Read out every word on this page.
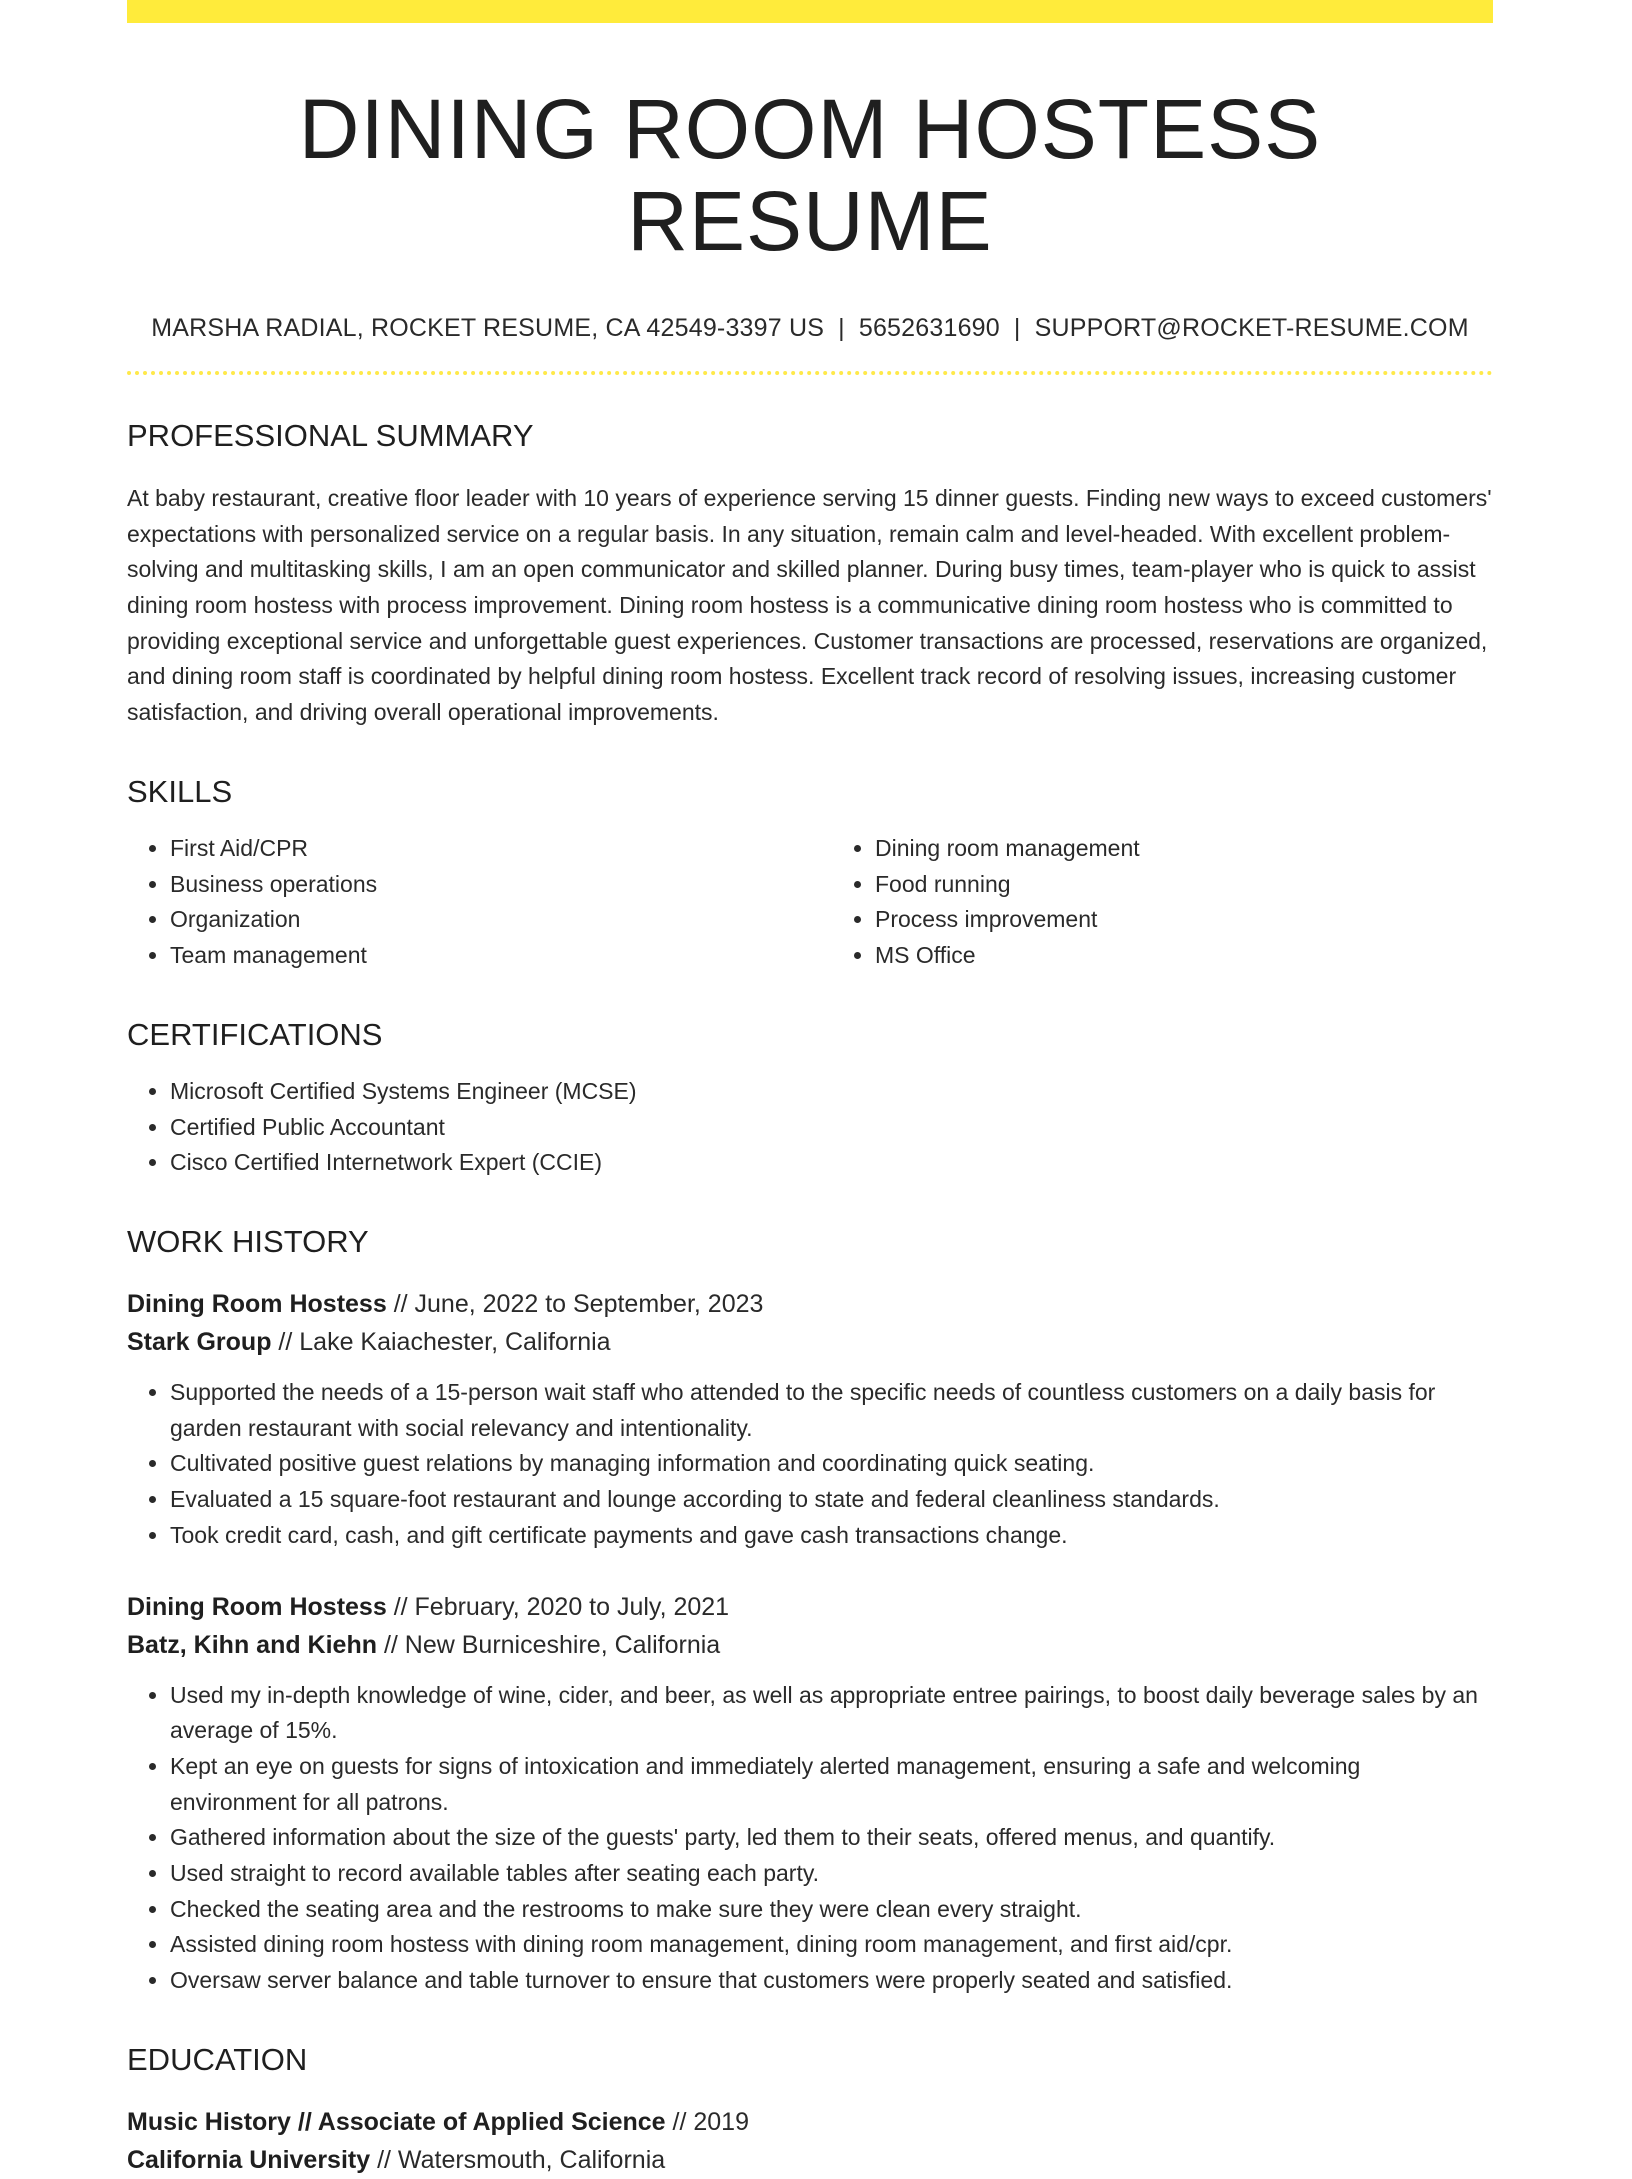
DINING ROOM HOSTESS RESUME
MARSHA RADIAL, ROCKET RESUME, CA 42549-3397 US | 5652631690 | SUPPORT@ROCKET-RESUME.COM
PROFESSIONAL SUMMARY
At baby restaurant, creative floor leader with 10 years of experience serving 15 dinner guests. Finding new ways to exceed customers' expectations with personalized service on a regular basis. In any situation, remain calm and level-headed. With excellent problem-solving and multitasking skills, I am an open communicator and skilled planner. During busy times, team-player who is quick to assist dining room hostess with process improvement. Dining room hostess is a communicative dining room hostess who is committed to providing exceptional service and unforgettable guest experiences. Customer transactions are processed, reservations are organized, and dining room staff is coordinated by helpful dining room hostess. Excellent track record of resolving issues, increasing customer satisfaction, and driving overall operational improvements.
SKILLS
• First Aid/CPR
• Business operations
• Organization
• Team management
• Dining room management
• Food running
• Process improvement
• MS Office
CERTIFICATIONS
• Microsoft Certified Systems Engineer (MCSE)
• Certified Public Accountant
• Cisco Certified Internetwork Expert (CCIE)
WORK HISTORY
Dining Room Hostess // June, 2022 to September, 2023
Stark Group // Lake Kaiachester, California
• Supported the needs of a 15-person wait staff who attended to the specific needs of countless customers on a daily basis for garden restaurant with social relevancy and intentionality.
• Cultivated positive guest relations by managing information and coordinating quick seating.
• Evaluated a 15 square-foot restaurant and lounge according to state and federal cleanliness standards.
• Took credit card, cash, and gift certificate payments and gave cash transactions change.
Dining Room Hostess // February, 2020 to July, 2021
Batz, Kihn and Kiehn // New Burniceshire, California
• Used my in-depth knowledge of wine, cider, and beer, as well as appropriate entree pairings, to boost daily beverage sales by an average of 15%.
• Kept an eye on guests for signs of intoxication and immediately alerted management, ensuring a safe and welcoming environment for all patrons.
• Gathered information about the size of the guests' party, led them to their seats, offered menus, and quantify.
• Used straight to record available tables after seating each party.
• Checked the seating area and the restrooms to make sure they were clean every straight.
• Assisted dining room hostess with dining room management, dining room management, and first aid/cpr.
• Oversaw server balance and table turnover to ensure that customers were properly seated and satisfied.
EDUCATION
Music History // Associate of Applied Science // 2019
California University // Watersmouth, California
